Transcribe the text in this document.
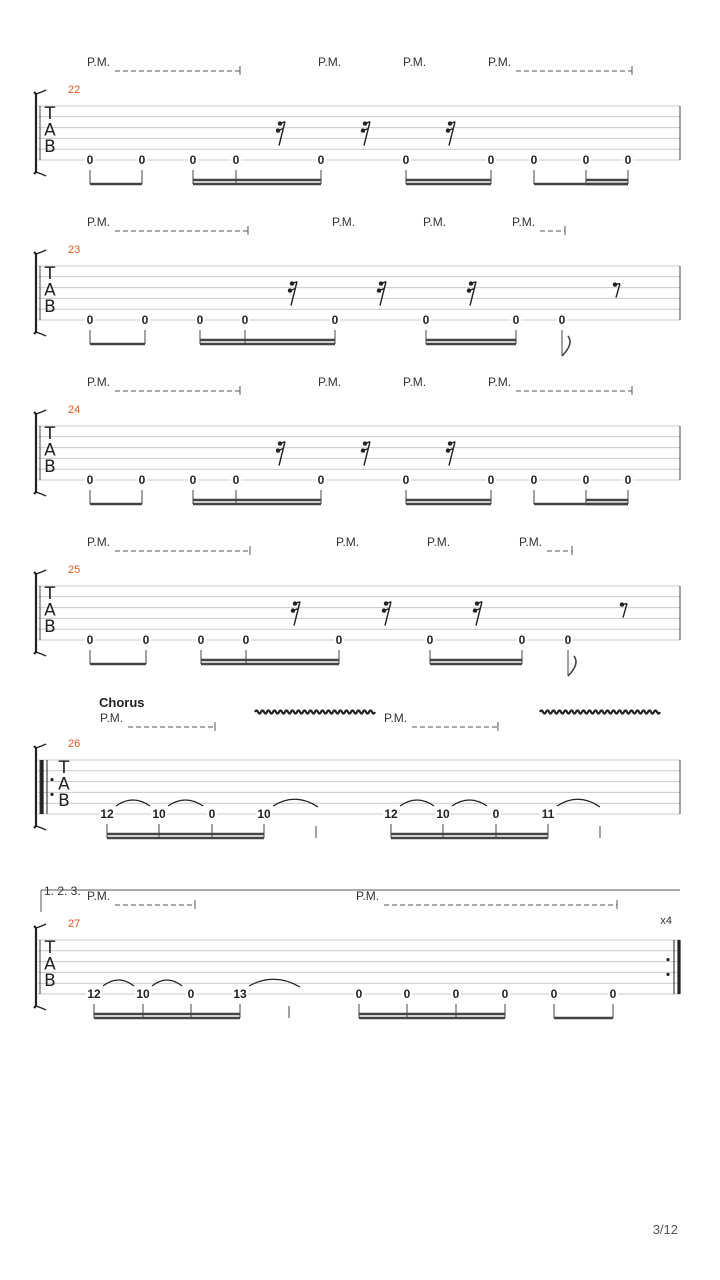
T
A
B
22
P.M.	P.M.	P.M.	P.M.
0	0	0	0	0	0	0	0	0	0
T
A
B
23
P.M.	P.M.	P.M.	P.M.
0	0	0	0	0	0	0	0
T
A
B
24
P.M.	P.M.	P.M.	P.M.
0	0	0	0	0	0	0	0	0	0
T
A
B
25
P.M.	P.M.	P.M.	P.M.
0	0	0	0	0	0	0	0
T
A
B
26
P.M.	P.M.
Chorus
12	10	0	10	12	10	0	11
T
A
B
27	x4
P.M.	P.M.
1. 2. 3.
12	10	0	13	0	0	0	0	0	0
3/12
